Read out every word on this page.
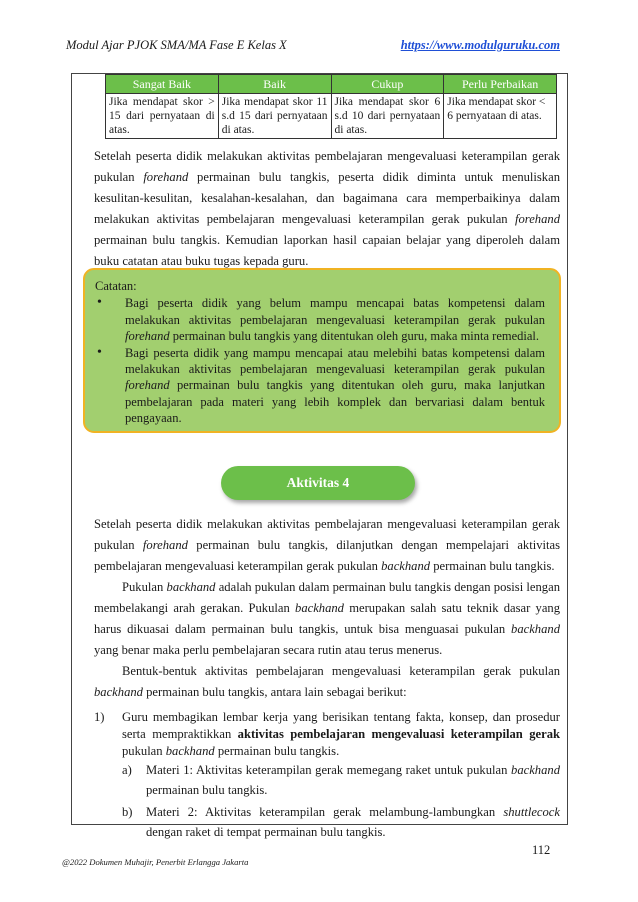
Modul Ajar PJOK SMA/MA Fase E Kelas X	https://www.modulguruku.com
Sangat Baik	Baik	Cukup	Perlu Perbaikan
Jika mendapat skor > 15 dari pernyataan di atas.	Jika mendapat skor 11 s.d 15 dari pernyataan di atas.	Jika mendapat skor 6 s.d 10 dari pernyataan di atas.	Jika mendapat skor < 6 pernyataan di atas.

Setelah peserta didik melakukan aktivitas pembelajaran mengevaluasi keterampilan gerak pukulan forehand permainan bulu tangkis, peserta didik diminta untuk menuliskan kesulitan-kesulitan, kesalahan-kesalahan, dan bagaimana cara memperbaikinya dalam melakukan aktivitas pembelajaran mengevaluasi keterampilan gerak pukulan forehand permainan bulu tangkis. Kemudian laporkan hasil capaian belajar yang diperoleh dalam buku catatan atau buku tugas kepada guru.

Catatan:
• Bagi peserta didik yang belum mampu mencapai batas kompetensi dalam melakukan aktivitas pembelajaran mengevaluasi keterampilan gerak pukulan forehand permainan bulu tangkis yang ditentukan oleh guru, maka minta remedial.
• Bagi peserta didik yang mampu mencapai atau melebihi batas kompetensi dalam melakukan aktivitas pembelajaran mengevaluasi keterampilan gerak pukulan forehand permainan bulu tangkis yang ditentukan oleh guru, maka lanjutkan pembelajaran pada materi yang lebih komplek dan bervariasi dalam bentuk pengayaan.
Aktivitas 4

Setelah peserta didik melakukan aktivitas pembelajaran mengevaluasi keterampilan gerak pukulan forehand permainan bulu tangkis, dilanjutkan dengan mempelajari aktivitas pembelajaran mengevaluasi keterampilan gerak pukulan backhand permainan bulu tangkis.

Pukulan backhand adalah pukulan dalam permainan bulu tangkis dengan posisi lengan membelakangi arah gerakan. Pukulan backhand merupakan salah satu teknik dasar yang harus dikuasai dalam permainan bulu tangkis, untuk bisa menguasai pukulan backhand yang benar maka perlu pembelajaran secara rutin atau terus menerus.

Bentuk-bentuk aktivitas pembelajaran mengevaluasi keterampilan gerak pukulan backhand permainan bulu tangkis, antara lain sebagai berikut:

1) Guru membagikan lembar kerja yang berisikan tentang fakta, konsep, dan prosedur serta mempraktikkan aktivitas pembelajaran mengevaluasi keterampilan gerak pukulan backhand permainan bulu tangkis.
a) Materi 1: Aktivitas keterampilan gerak memegang raket untuk pukulan backhand permainan bulu tangkis.
b) Materi 2: Aktivitas keterampilan gerak melambung-lambungkan shuttlecock dengan raket di tempat permainan bulu tangkis.
112
@2022 Dokumen Muhajir, Penerbit Erlangga Jakarta
